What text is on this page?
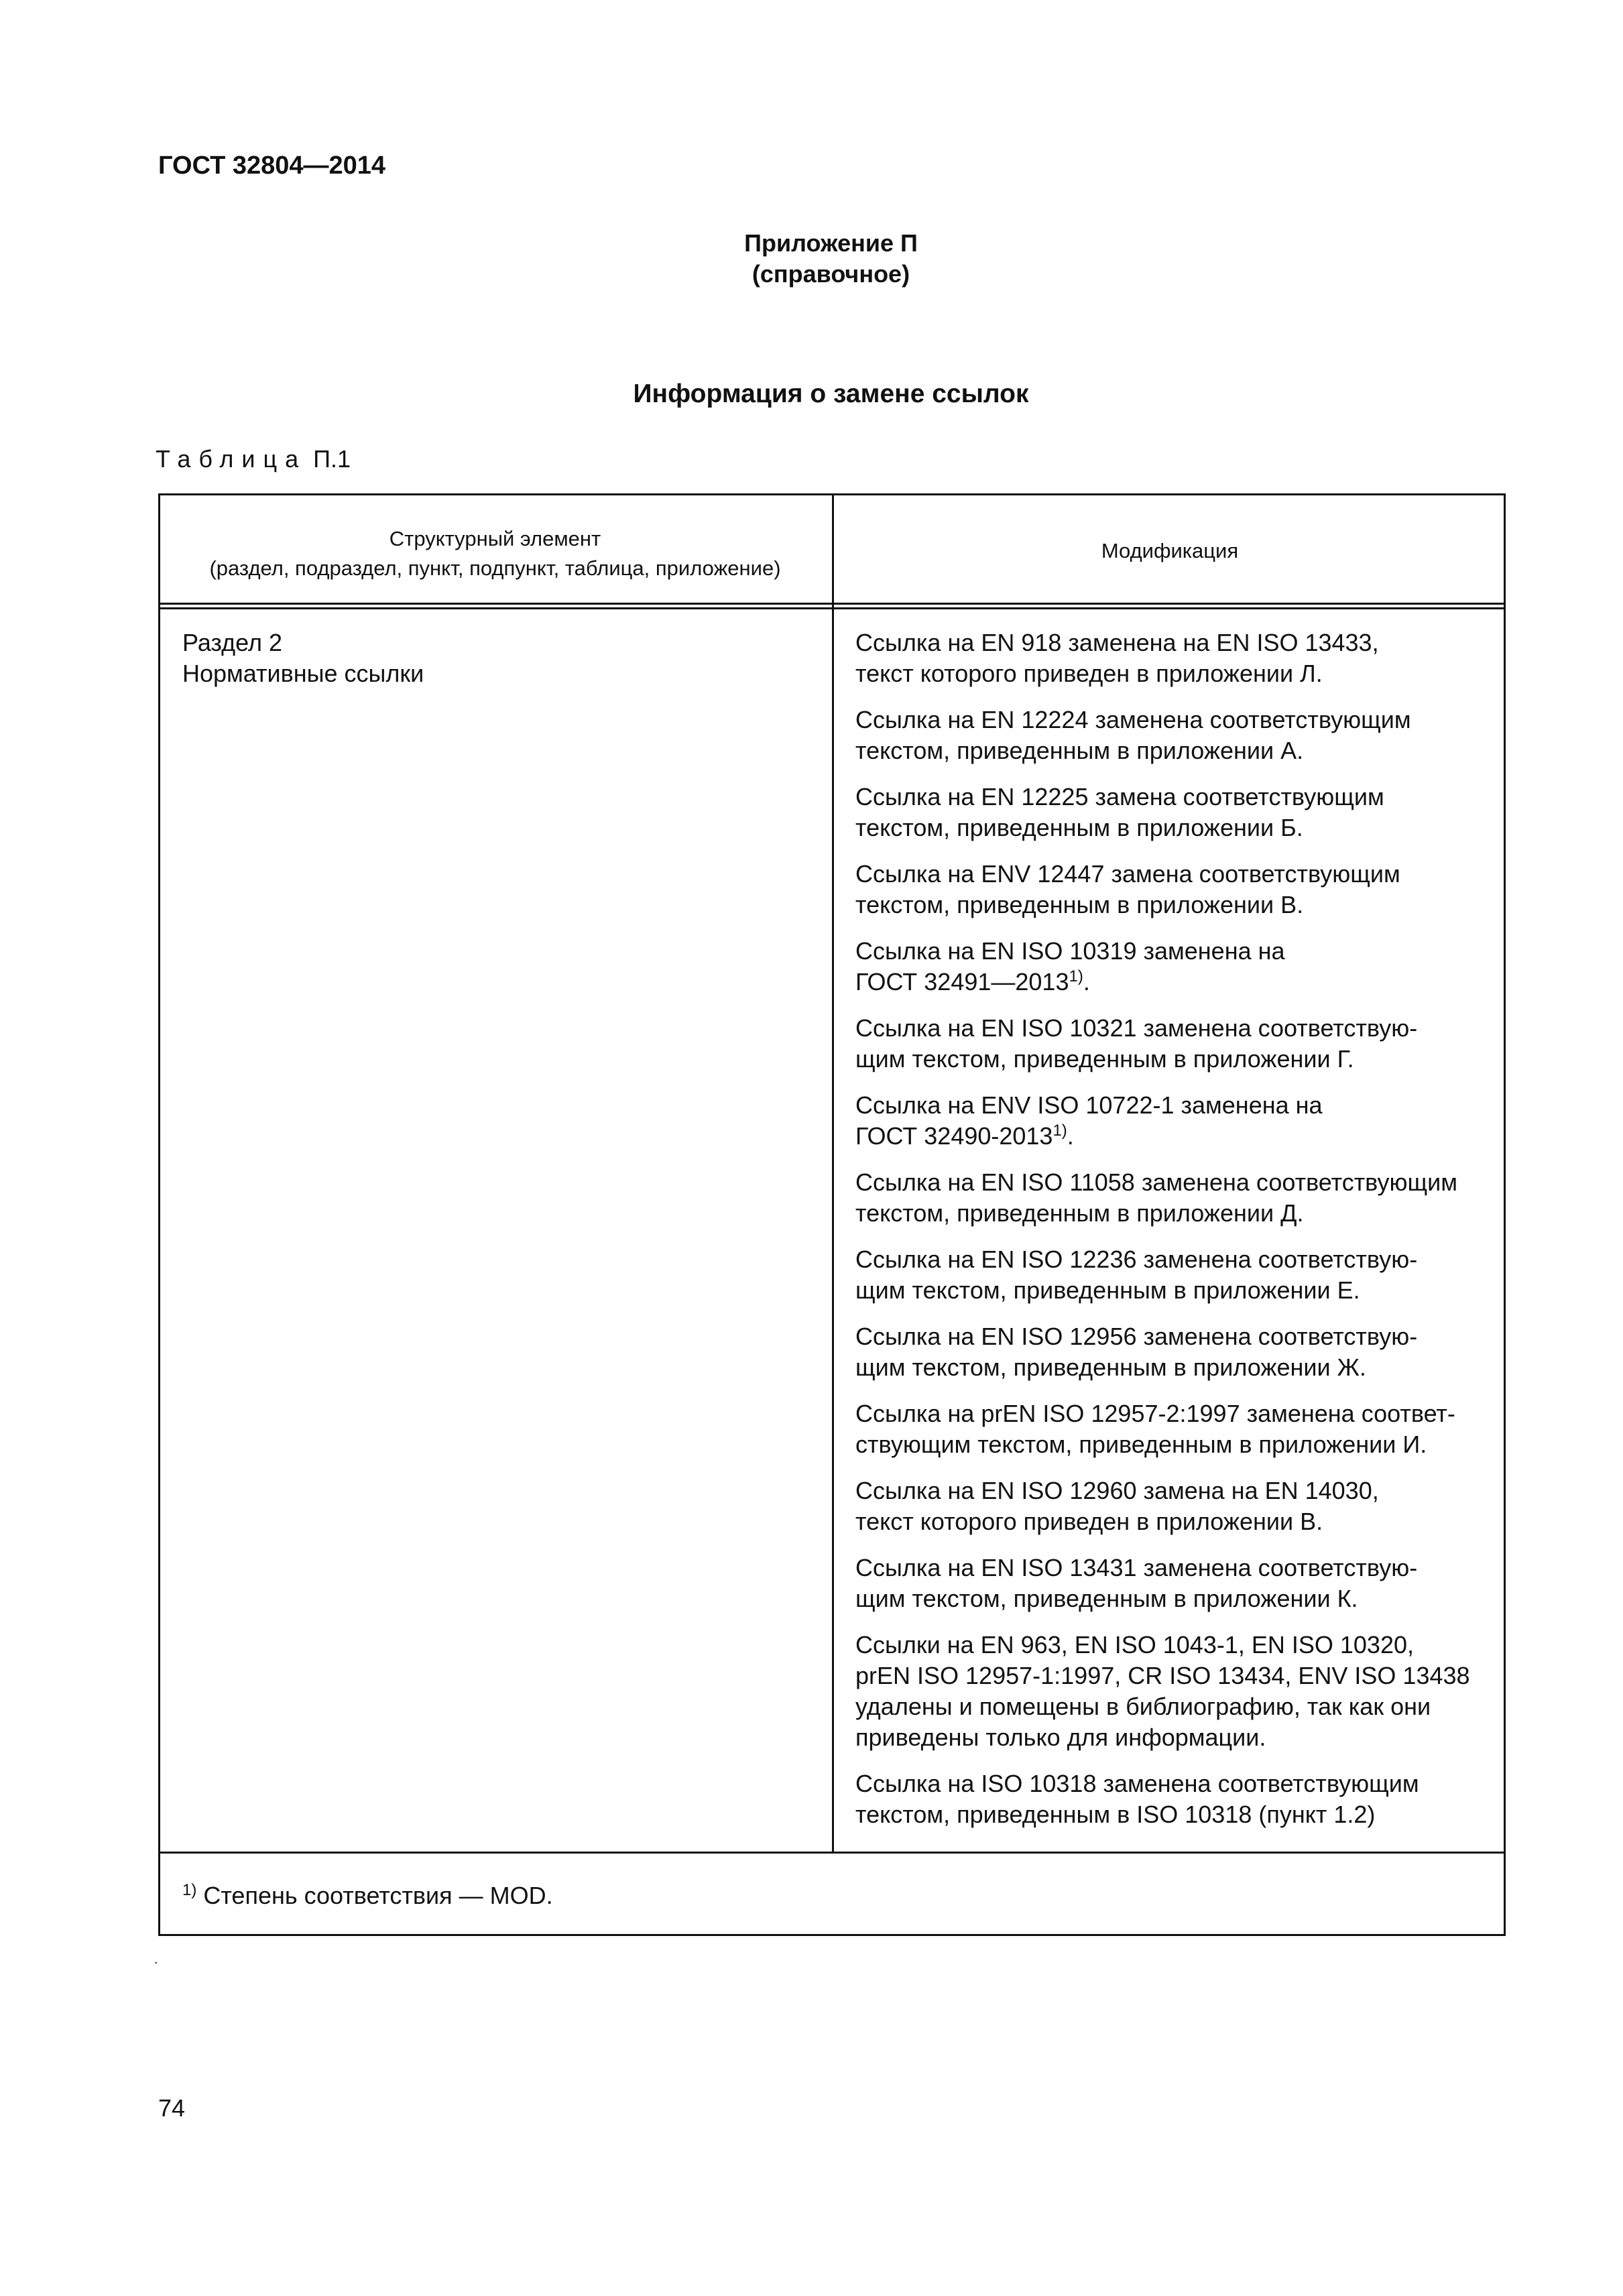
ГОСТ 32804—2014
Приложение П
(справочное)
Информация о замене ссылок
Таблица П.1
Структурный элемент
(раздел, подраздел, пункт, подпункт, таблица, приложение)
Модификация
Раздел 2
Нормативные ссылки
Ссылка на EN 918 заменена на EN ISO 13433,
текст которого приведен в приложении Л.
Ссылка на EN 12224 заменена соответствующим
текстом, приведенным в приложении А.
Ссылка на EN 12225 замена соответствующим
текстом, приведенным в приложении Б.
Ссылка на ENV 12447 замена соответствующим
текстом, приведенным в приложении В.
Ссылка на EN ISO 10319 заменена на
ГОСТ 32491—2013$^{1)}$.
Ссылка на EN ISO 10321 заменена соответствую-
щим текстом, приведенным в приложении Г.
Ссылка на ENV ISO 10722-1 заменена на
ГОСТ 32490-2013$^{1)}$.
Ссылка на EN ISO 11058 заменена соответствующим
текстом, приведенным в приложении Д.
Ссылка на EN ISO 12236 заменена соответствую-
щим текстом, приведенным в приложении Е.
Ссылка на EN ISO 12956 заменена соответствую-
щим текстом, приведенным в приложении Ж.
Ссылка на prEN ISO 12957-2:1997 заменена соответ-
ствующим текстом, приведенным в приложении И.
Ссылка на EN ISO 12960 замена на EN 14030,
текст которого приведен в приложении В.
Ссылка на EN ISO 13431 заменена соответствую-
щим текстом, приведенным в приложении К.
Ссылки на EN 963, EN ISO 1043-1, EN ISO 10320,
prEN ISO 12957-1:1997, CR ISO 13434, ENV ISO 13438
удалены и помещены в библиографию, так как они
приведены только для информации.
Ссылка на ISO 10318 заменена соответствующим
текстом, приведенным в ISO 10318 (пункт 1.2)
$^{1)}$ Степень соответствия — MOD.
.
74
